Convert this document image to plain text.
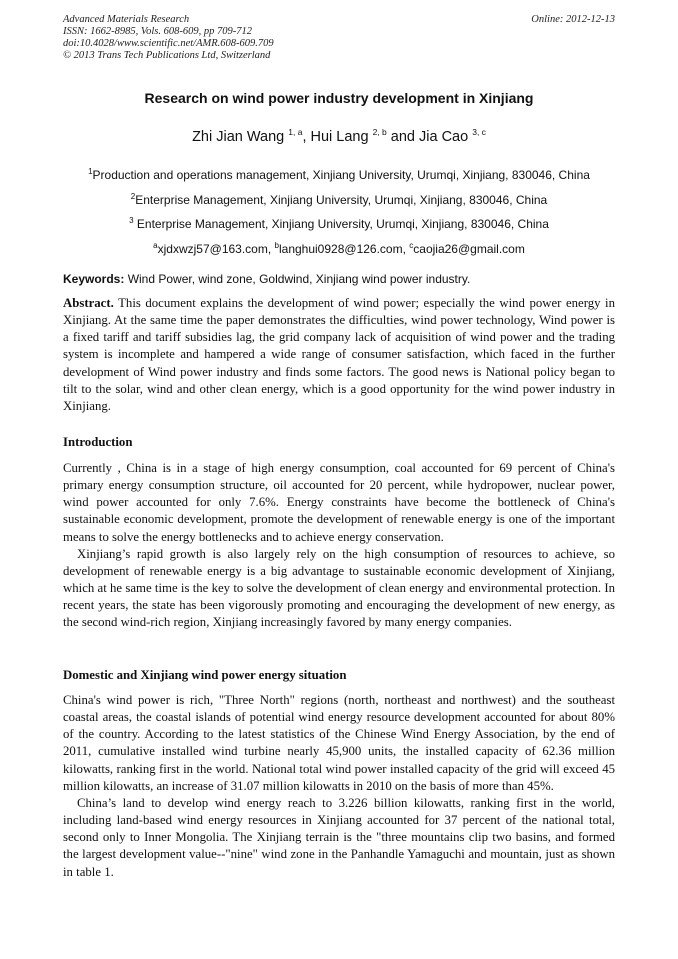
Advanced Materials Research
ISSN: 1662-8985, Vols. 608-609, pp 709-712
doi:10.4028/www.scientific.net/AMR.608-609.709
© 2013 Trans Tech Publications Ltd, Switzerland
Online: 2012-12-13
Research on wind power industry development in Xinjiang
Zhi Jian Wang $^{1, a}$, Hui Lang $^{2, b}$ and Jia Cao $^{3, c}$
$^1$Production and operations management, Xinjiang University, Urumqi, Xinjiang, 830046, China
$^2$Enterprise Management, Xinjiang University, Urumqi, Xinjiang, 830046, China
$^3$ Enterprise Management, Xinjiang University, Urumqi, Xinjiang, 830046, China
$^a$xjdxwzj57@163.com, $^b$langhui0928@126.com, $^c$caojia26@gmail.com
Keywords: Wind Power, wind zone, Goldwind, Xinjiang wind power industry.

Abstract. This document explains the development of wind power; especially the wind power energy in Xinjiang. At the same time the paper demonstrates the difficulties, wind power technology, Wind power is a fixed tariff and tariff subsidies lag, the grid company lack of acquisition of wind power and the trading system is incomplete and hampered a wide range of consumer satisfaction, which faced in the further development of Wind power industry and finds some factors. The good news is National policy began to tilt to the solar, wind and other clean energy, which is a good opportunity for the wind power industry in Xinjiang.

Introduction

Currently , China is in a stage of high energy consumption, coal accounted for 69 percent of China's primary energy consumption structure, oil accounted for 20 percent, while hydropower, nuclear power, wind power accounted for only 7.6%. Energy constraints have become the bottleneck of China's sustainable economic development, promote the development of renewable energy is one of the important means to solve the energy bottlenecks and to achieve energy conservation.

Xinjiang’s rapid growth is also largely rely on the high consumption of resources to achieve, so development of renewable energy is a big advantage to sustainable economic development of Xinjiang, which at he same time is the key to solve the development of clean energy and environmental protection. In recent years, the state has been vigorously promoting and encouraging the development of new energy, as the second wind-rich region, Xinjiang increasingly favored by many energy companies.

Domestic and Xinjiang wind power energy situation

China's wind power is rich, "Three North" regions (north, northeast and northwest) and the southeast coastal areas, the coastal islands of potential wind energy resource development accounted for about 80% of the country. According to the latest statistics of the Chinese Wind Energy Association, by the end of 2011, cumulative installed wind turbine nearly 45,900 units, the installed capacity of 62.36 million kilowatts, ranking first in the world. National total wind power installed capacity of the grid will exceed 45 million kilowatts, an increase of 31.07 million kilowatts in 2010 on the basis of more than 45%.

China’s land to develop wind energy reach to 3.226 billion kilowatts, ranking first in the world, including land-based wind energy resources in Xinjiang accounted for 37 percent of the national total, second only to Inner Mongolia. The Xinjiang terrain is the "three mountains clip two basins, and formed the largest development value--"nine" wind zone in the Panhandle Yamaguchi and mountain, just as shown in table 1.
